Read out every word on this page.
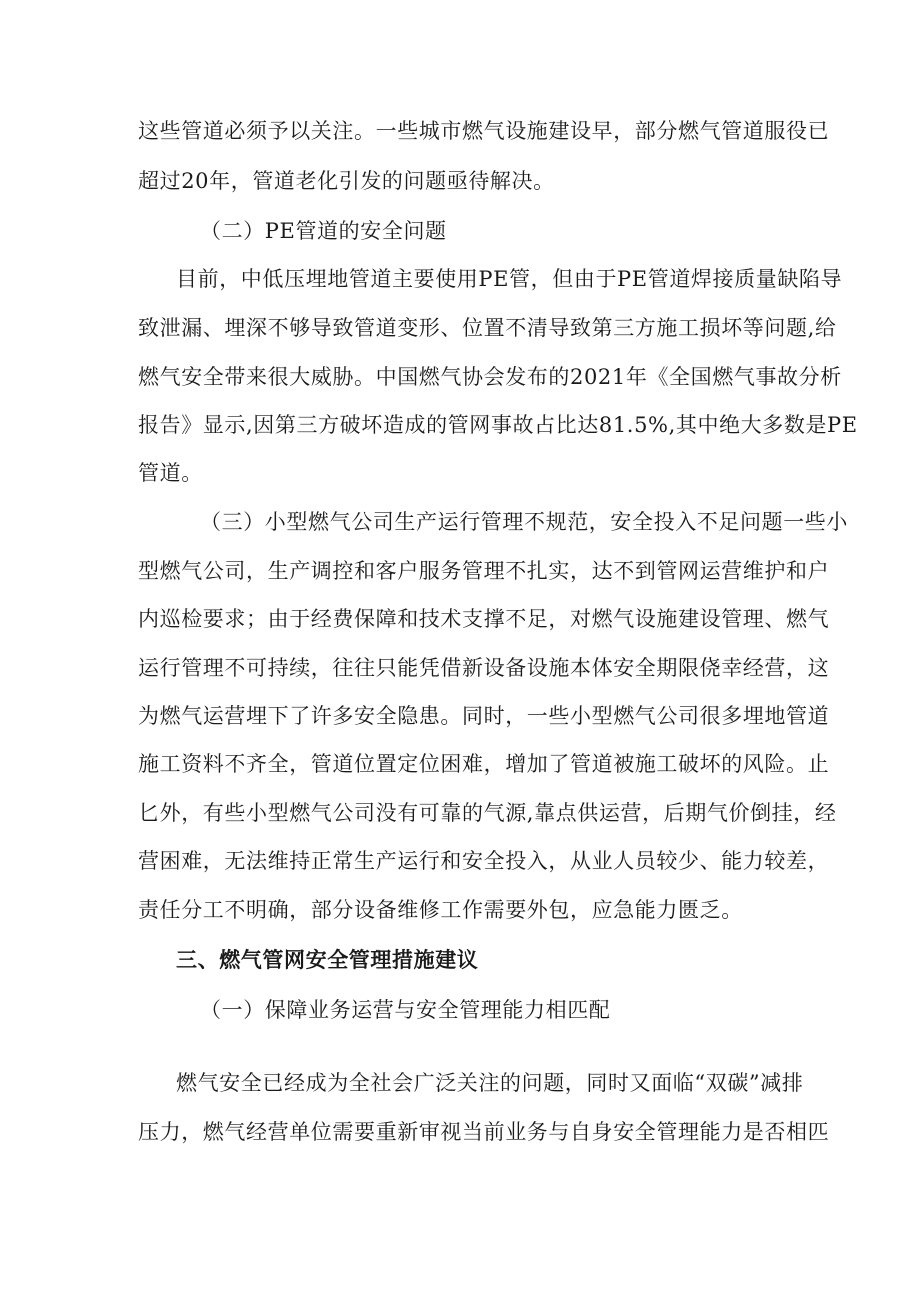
这些管道必须予以关注。一些城市燃气设施建设早，部分燃气管道服役已
超过20年，管道老化引发的问题亟待解决。
（二）PE管道的安全问题
目前，中低压埋地管道主要使用PE管，但由于PE管道焊接质量缺陷导
致泄漏、埋深不够导致管道变形、位置不清导致第三方施工损坏等问题,给
燃气安全带来很大威胁。中国燃气协会发布的2021年《全国燃气事故分析
报告》显示,因第三方破坏造成的管网事故占比达81.5%,其中绝大多数是PE
管道。
（三）小型燃气公司生产运行管理不规范，安全投入不足问题一些小
型燃气公司，生产调控和客户服务管理不扎实，达不到管网运营维护和户
内巡检要求；由于经费保障和技术支撑不足，对燃气设施建设管理、燃气
运行管理不可持续，往往只能凭借新设备设施本体安全期限侥幸经营，这
为燃气运营埋下了许多安全隐患。同时，一些小型燃气公司很多埋地管道
施工资料不齐全，管道位置定位困难，增加了管道被施工破坏的风险。止
匕外，有些小型燃气公司没有可靠的气源,靠点供运营，后期气价倒挂，经
营困难，无法维持正常生产运行和安全投入，从业人员较少、能力较差，
责任分工不明确，部分设备维修工作需要外包，应急能力匮乏。
三、燃气管网安全管理措施建议
（一）保障业务运营与安全管理能力相匹配
燃气安全已经成为全社会广泛关注的问题，同时又面临“双碳”减排
压力，燃气经营单位需要重新审视当前业务与自身安全管理能力是否相匹
